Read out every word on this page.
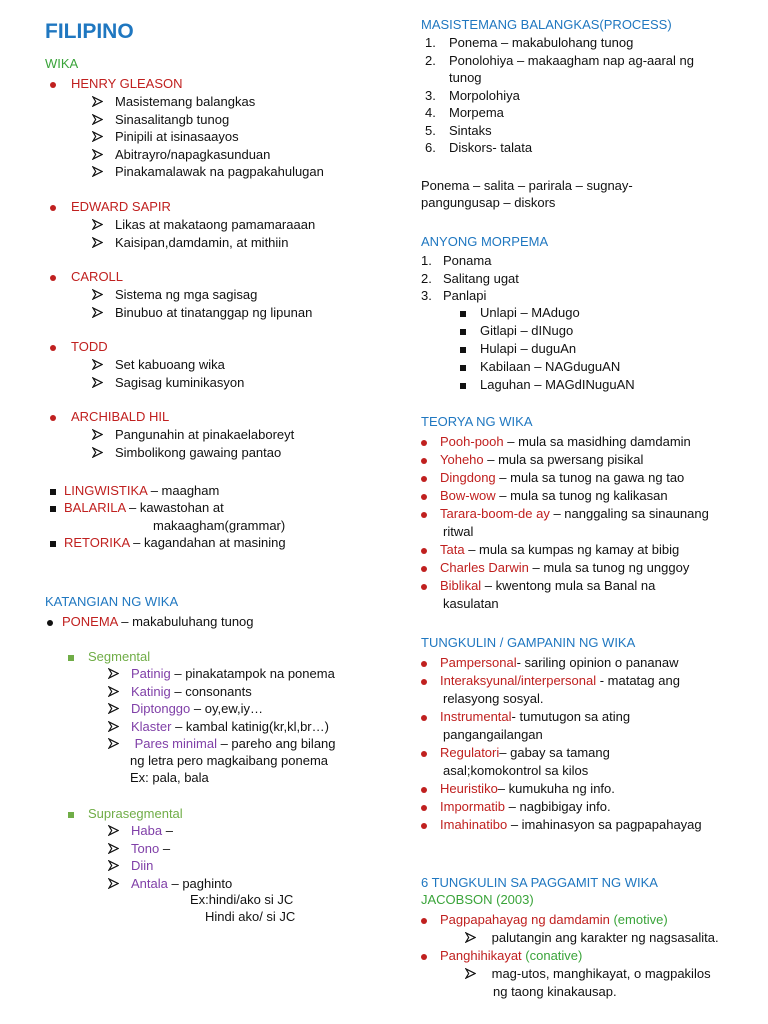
FILIPINO
WIKA
HENRY GLEASON
Masistemang balangkas
Sinasalitangb tunog
Pinipili at isinasaayos
Abitrayro/napagkasunduan
Pinakamalawak na pagpakahulugan
EDWARD SAPIR
Likas at makataong pamamaraaan
Kaisipan,damdamin, at mithiin
CAROLL
Sistema ng mga sagisag
Binubuo at tinatanggap ng lipunan
TODD
Set kabuoang wika
Sagisag kuminikasyon
ARCHIBALD HIL
Pangunahin at pinakaelaboreyt
Simbolikong gawaing pantao
LINGWISTIKA – maagham
BALARILA – kawastohan at
makaagham(grammar)
RETORIKA – kagandahan at masining
KATANGIAN NG WIKA
PONEMA – makabuluhang tunog
Segmental
Patinig – pinakatampok na ponema
Katinig – consonants
Diptonggo – oy,ew,iy…
Klaster – kambal katinig(kr,kl,br…)
Pares minimal – pareho ang bilang
ng letra pero magkaibang ponema
Ex: pala, bala
Suprasegmental
Haba –
Tono –
Diin
Antala – paghinto
Ex:hindi/ako si JC
Hindi ako/ si JC
MASISTEMANG BALANGKAS(PROCESS)
1. Ponema – makabulohang tunog
2. Ponolohiya – makaagham nap ag-aaral ng
tunog
3. Morpolohiya
4. Morpema
5. Sintaks
6. Diskors- talata
Ponema – salita – parirala – sugnay-
pangungusap – diskors
ANYONG MORPEMA
1. Ponama
2. Salitang ugat
3. Panlapi
Unlapi – MAdugo
Gitlapi – dINugo
Hulapi – duguAn
Kabilaan – NAGduguAN
Laguhan – MAGdINuguAN
TEORYA NG WIKA
Pooh-pooh – mula sa masidhing damdamin
Yoheho – mula sa pwersang pisikal
Dingdong – mula sa tunog na gawa ng tao
Bow-wow – mula sa tunog ng kalikasan
Tarara-boom-de ay – nanggaling sa sinaunang
ritwal
Tata – mula sa kumpas ng kamay at bibig
Charles Darwin – mula sa tunog ng unggoy
Biblikal – kwentong mula sa Banal na
kasulatan
TUNGKULIN / GAMPANIN NG WIKA
Pampersonal- sariling opinion o pananaw
Interaksyunal/interpersonal - matatag ang
relasyong sosyal.
Instrumental- tumutugon sa ating
pangangailangan
Regulatori– gabay sa tamang
asal;komokontrol sa kilos
Heuristiko– kumukuha ng info.
Impormatib – nagbibigay info.
Imahinatibo – imahinasyon sa pagpapahayag
6 TUNGKULIN SA PAGGAMIT NG WIKA
JACOBSON (2003)
Pagpapahayag ng damdamin (emotive)
palutangin ang karakter ng nagsasalita.
Panghihikayat (conative)
mag-utos, manghikayat, o magpakilos
ng taong kinakausap.
